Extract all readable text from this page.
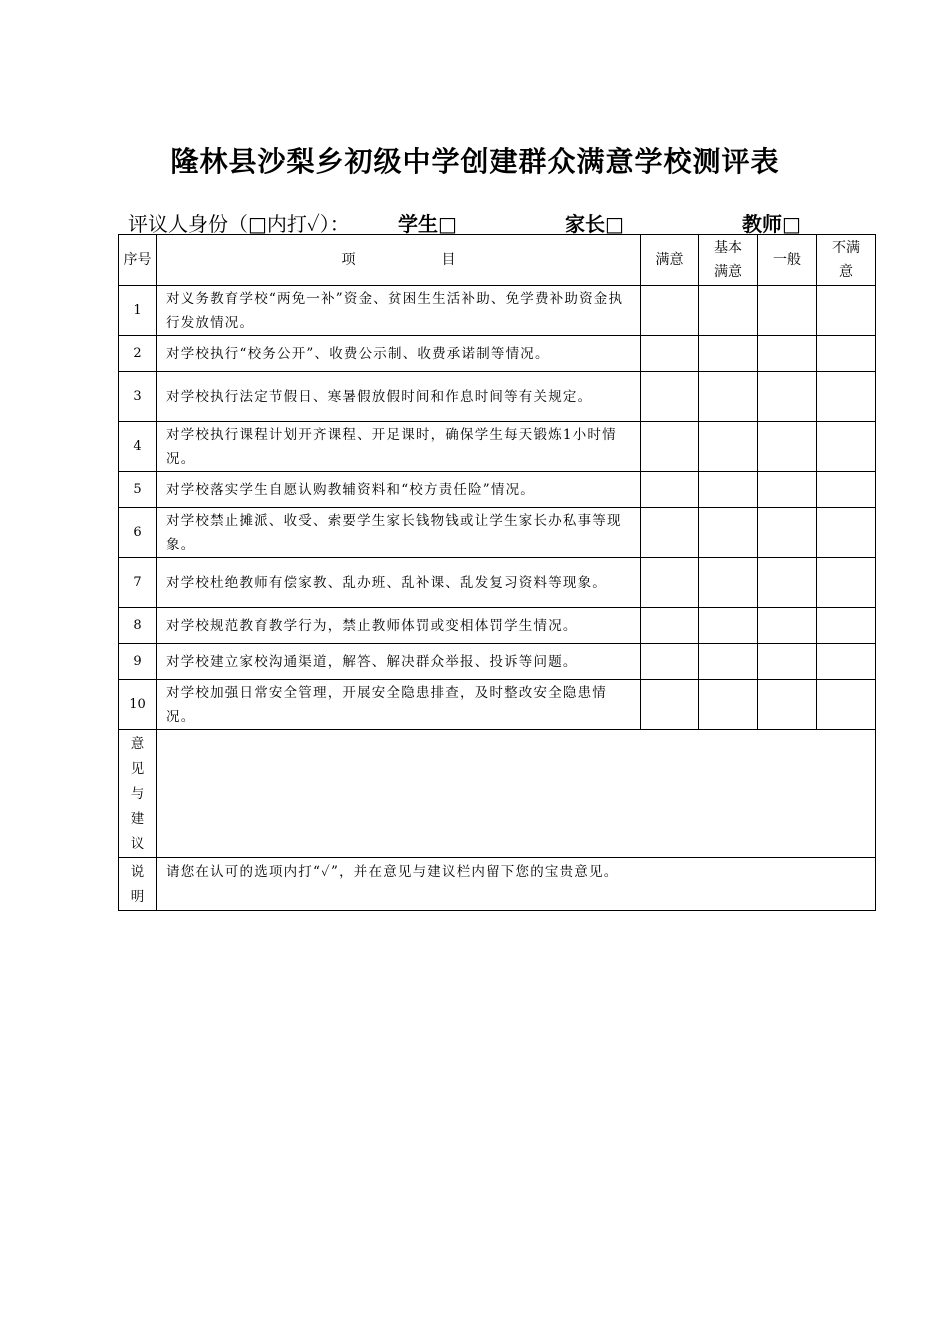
隆林县沙梨乡初级中学创建群众满意学校测评表
评议人身份（□内打✓）： 学生□	家长□	教师□
序号	项 目	满意	基本满意	一般	不满意

1	对义务教育学校“两免一补”资金、贫困生生活补助、免学费补助资金执行发放情况。				
2	对学校执行“校务公开”、收费公示制、收费承诺制等情况。				
3	对学校执行法定节假日、寒暑假放假时间和作息时间等有关规定。				
4	对学校执行课程计划开齐课程、开足课时，确保学生每天锻炼1小时情况。				
5	对学校落实学生自愿认购教辅资料和“校方责任险”情况。				
6	对学校禁止摊派、收受、索要学生家长钱物钱或让学生家长办私事等现象。				
7	对学校杜绝教师有偿家教、乱办班、乱补课、乱发复习资料等现象。				
8	对学校规范教育教学行为，禁止教师体罚或变相体罚学生情况。				
9	对学校建立家校沟通渠道，解答、解决群众举报、投诉等问题。				
10	对学校加强日常安全管理，开展安全隐患排查，及时整改安全隐患情况。				

意见与建议					

说明	请您在认可的选项内打“✓”，并在意见与建议栏内留下您的宝贵意见。				
